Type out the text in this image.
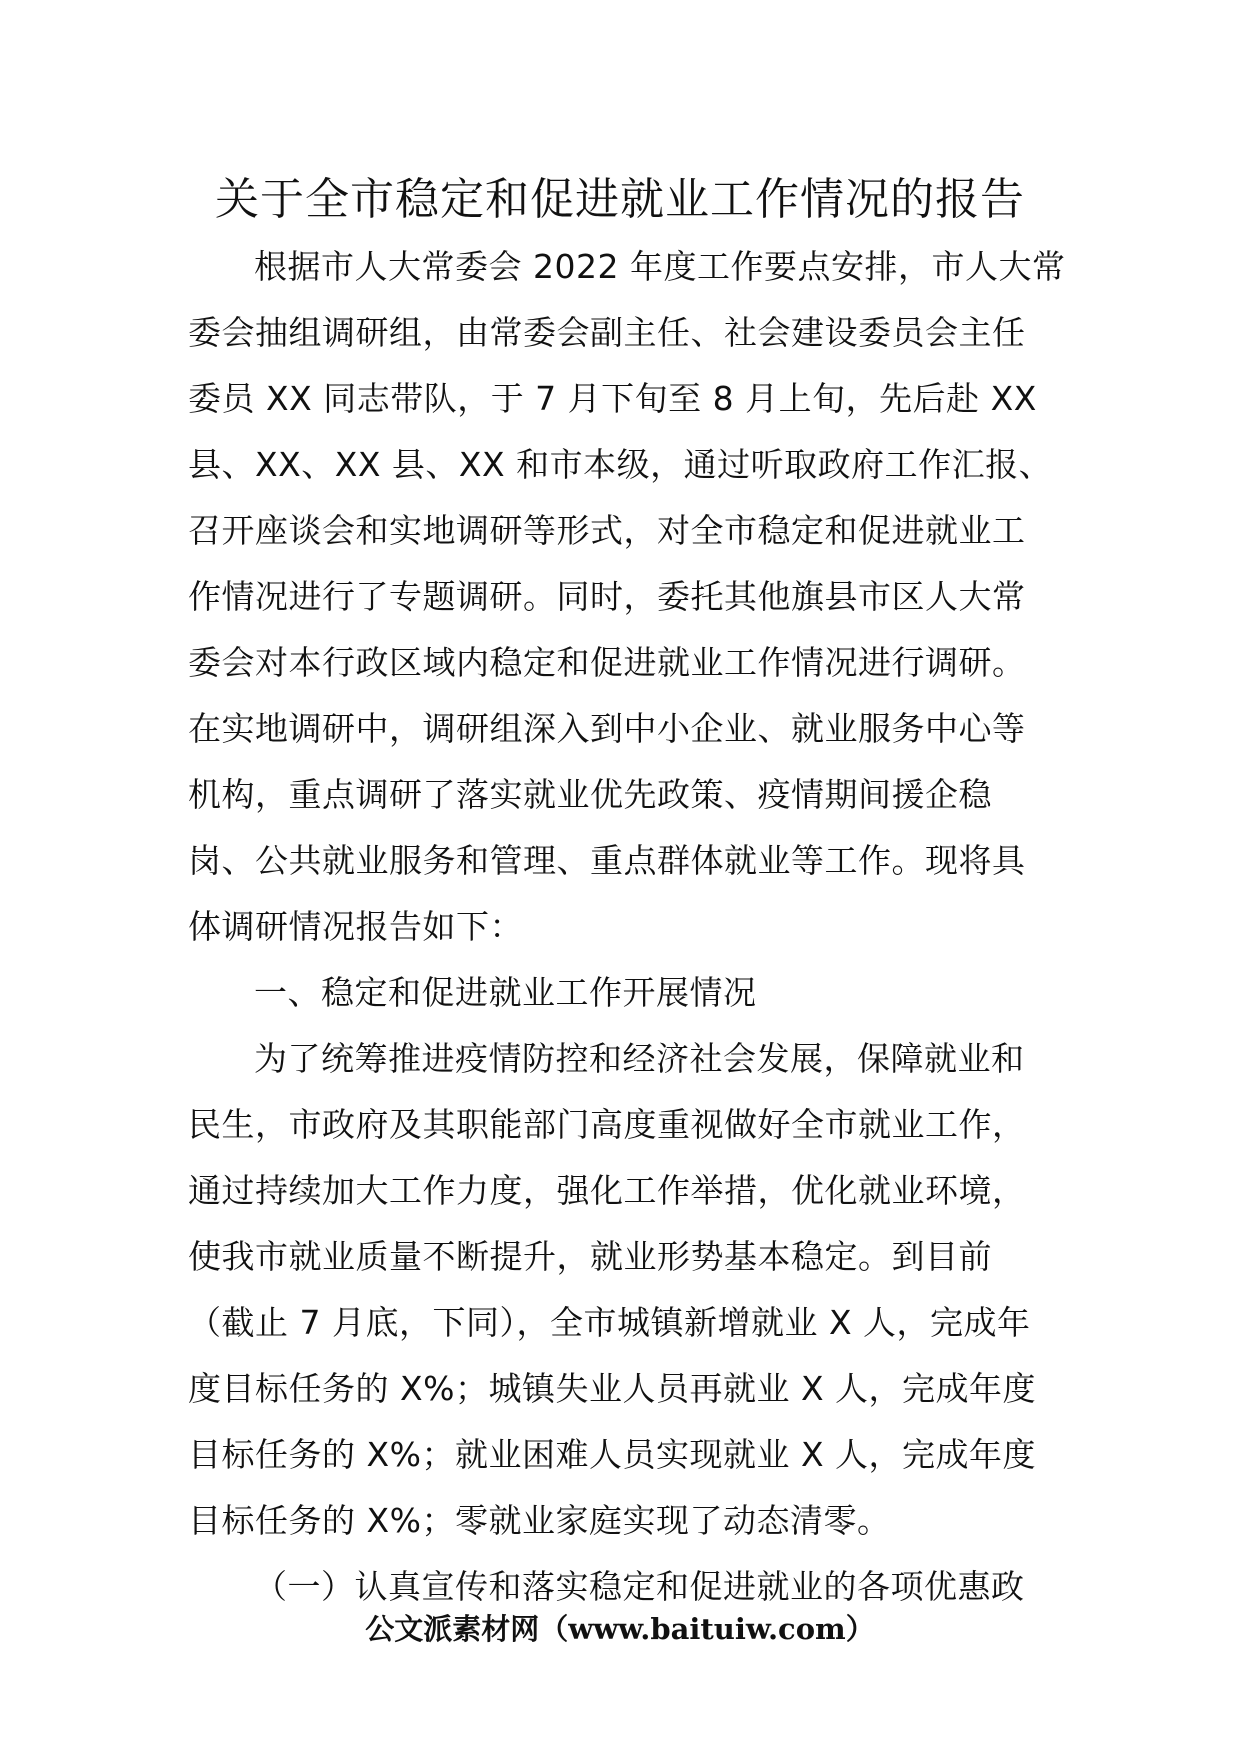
关于全市稳定和促进就业工作情况的报告
根据市人大常委会 2022 年度工作要点安排，市人大常
委会抽组调研组，由常委会副主任、社会建设委员会主任
委员 XX 同志带队，于 7 月下旬至 8 月上旬，先后赴 XX
县、XX、XX 县、XX 和市本级，通过听取政府工作汇报、
召开座谈会和实地调研等形式，对全市稳定和促进就业工
作情况进行了专题调研。同时，委托其他旗县市区人大常
委会对本行政区域内稳定和促进就业工作情况进行调研。
在实地调研中，调研组深入到中小企业、就业服务中心等
机构，重点调研了落实就业优先政策、疫情期间援企稳
岗、公共就业服务和管理、重点群体就业等工作。现将具
体调研情况报告如下：
一、稳定和促进就业工作开展情况
为了统筹推进疫情防控和经济社会发展，保障就业和
民生，市政府及其职能部门高度重视做好全市就业工作，
通过持续加大工作力度，强化工作举措，优化就业环境，
使我市就业质量不断提升，就业形势基本稳定。到目前
（截止 7 月底，下同），全市城镇新增就业 X 人，完成年
度目标任务的 X%；城镇失业人员再就业 X 人，完成年度
目标任务的 X%；就业困难人员实现就业 X 人，完成年度
目标任务的 X%；零就业家庭实现了动态清零。
（一）认真宣传和落实稳定和促进就业的各项优惠政
公文派素材网（www.baituiw.com）
